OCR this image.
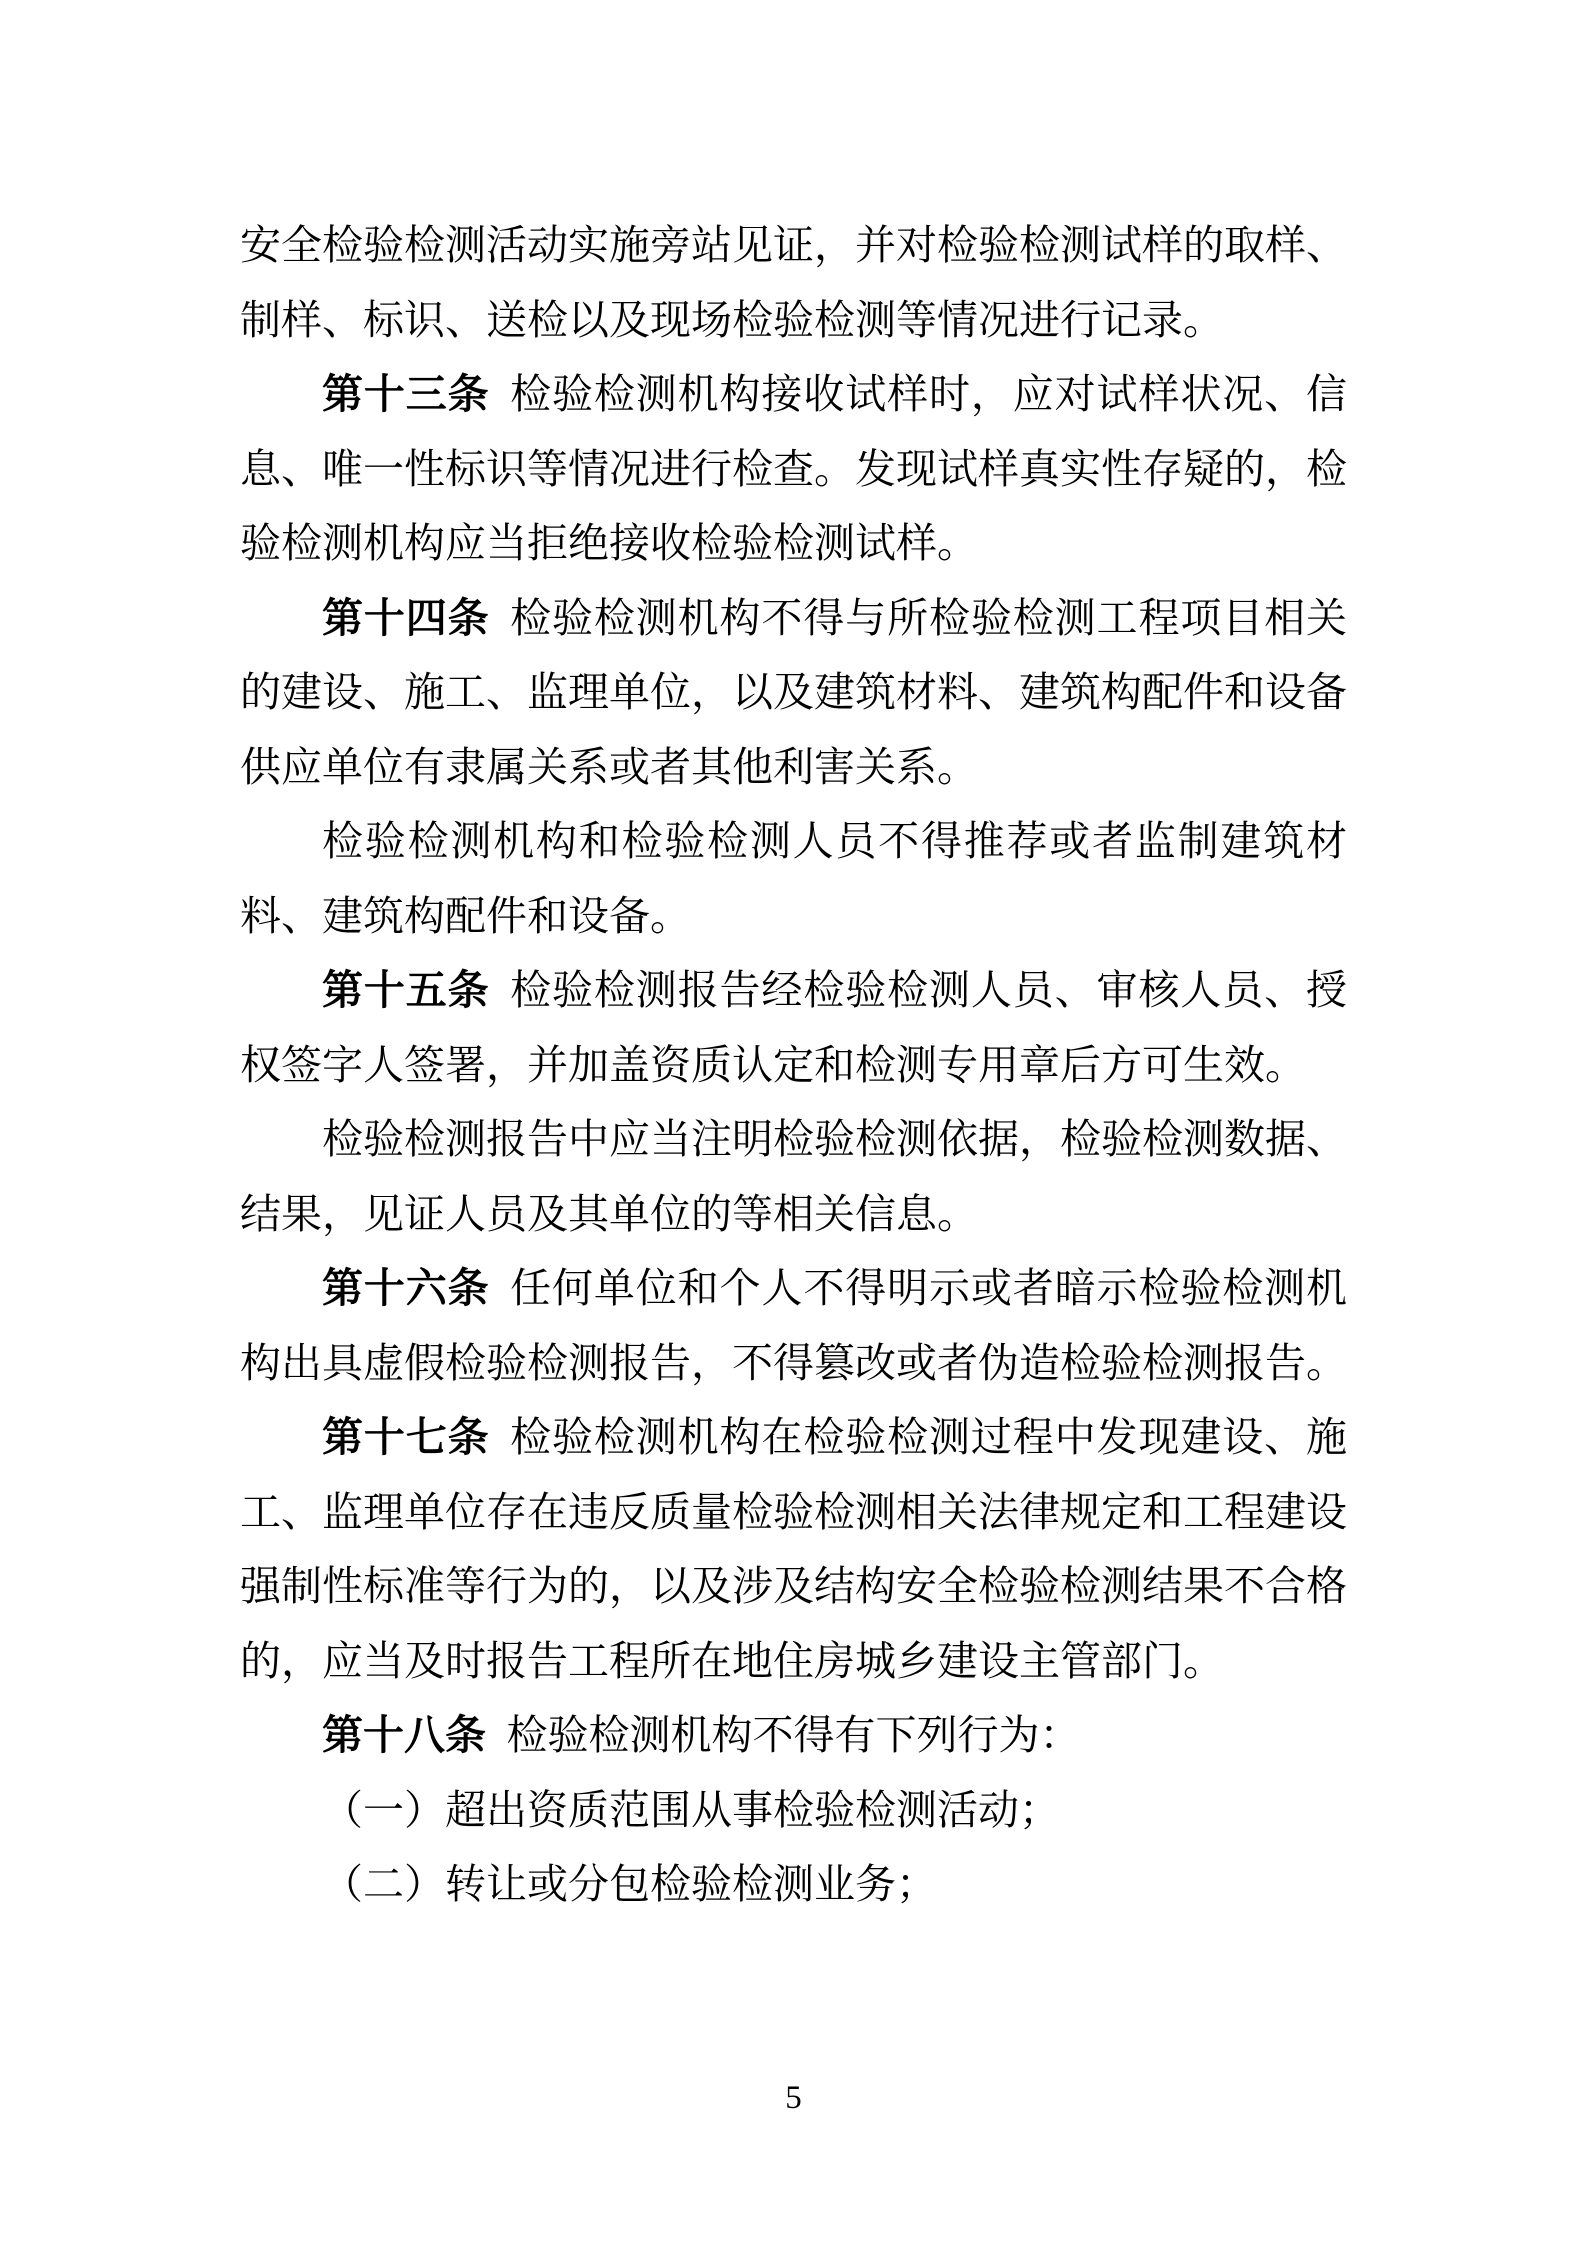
安全检验检测活动实施旁站见证，并对检验检测试样的取样、制样、标识、送检以及现场检验检测等情况进行记录。

第十三条 检验检测机构接收试样时，应对试样状况、信息、唯一性标识等情况进行检查。发现试样真实性存疑的，检验检测机构应当拒绝接收检验检测试样。

第十四条 检验检测机构不得与所检验检测工程项目相关的建设、施工、监理单位，以及建筑材料、建筑构配件和设备供应单位有隶属关系或者其他利害关系。

检验检测机构和检验检测人员不得推荐或者监制建筑材料、建筑构配件和设备。

第十五条 检验检测报告经检验检测人员、审核人员、授权签字人签署，并加盖资质认定和检测专用章后方可生效。

检验检测报告中应当注明检验检测依据，检验检测数据、结果，见证人员及其单位的等相关信息。

第十六条 任何单位和个人不得明示或者暗示检验检测机构出具虚假检验检测报告，不得篡改或者伪造检验检测报告。

第十七条 检验检测机构在检验检测过程中发现建设、施工、监理单位存在违反质量检验检测相关法律规定和工程建设强制性标准等行为的，以及涉及结构安全检验检测结果不合格的，应当及时报告工程所在地住房城乡建设主管部门。

第十八条 检验检测机构不得有下列行为：

（一）超出资质范围从事检验检测活动；

（二）转让或分包检验检测业务；

5
